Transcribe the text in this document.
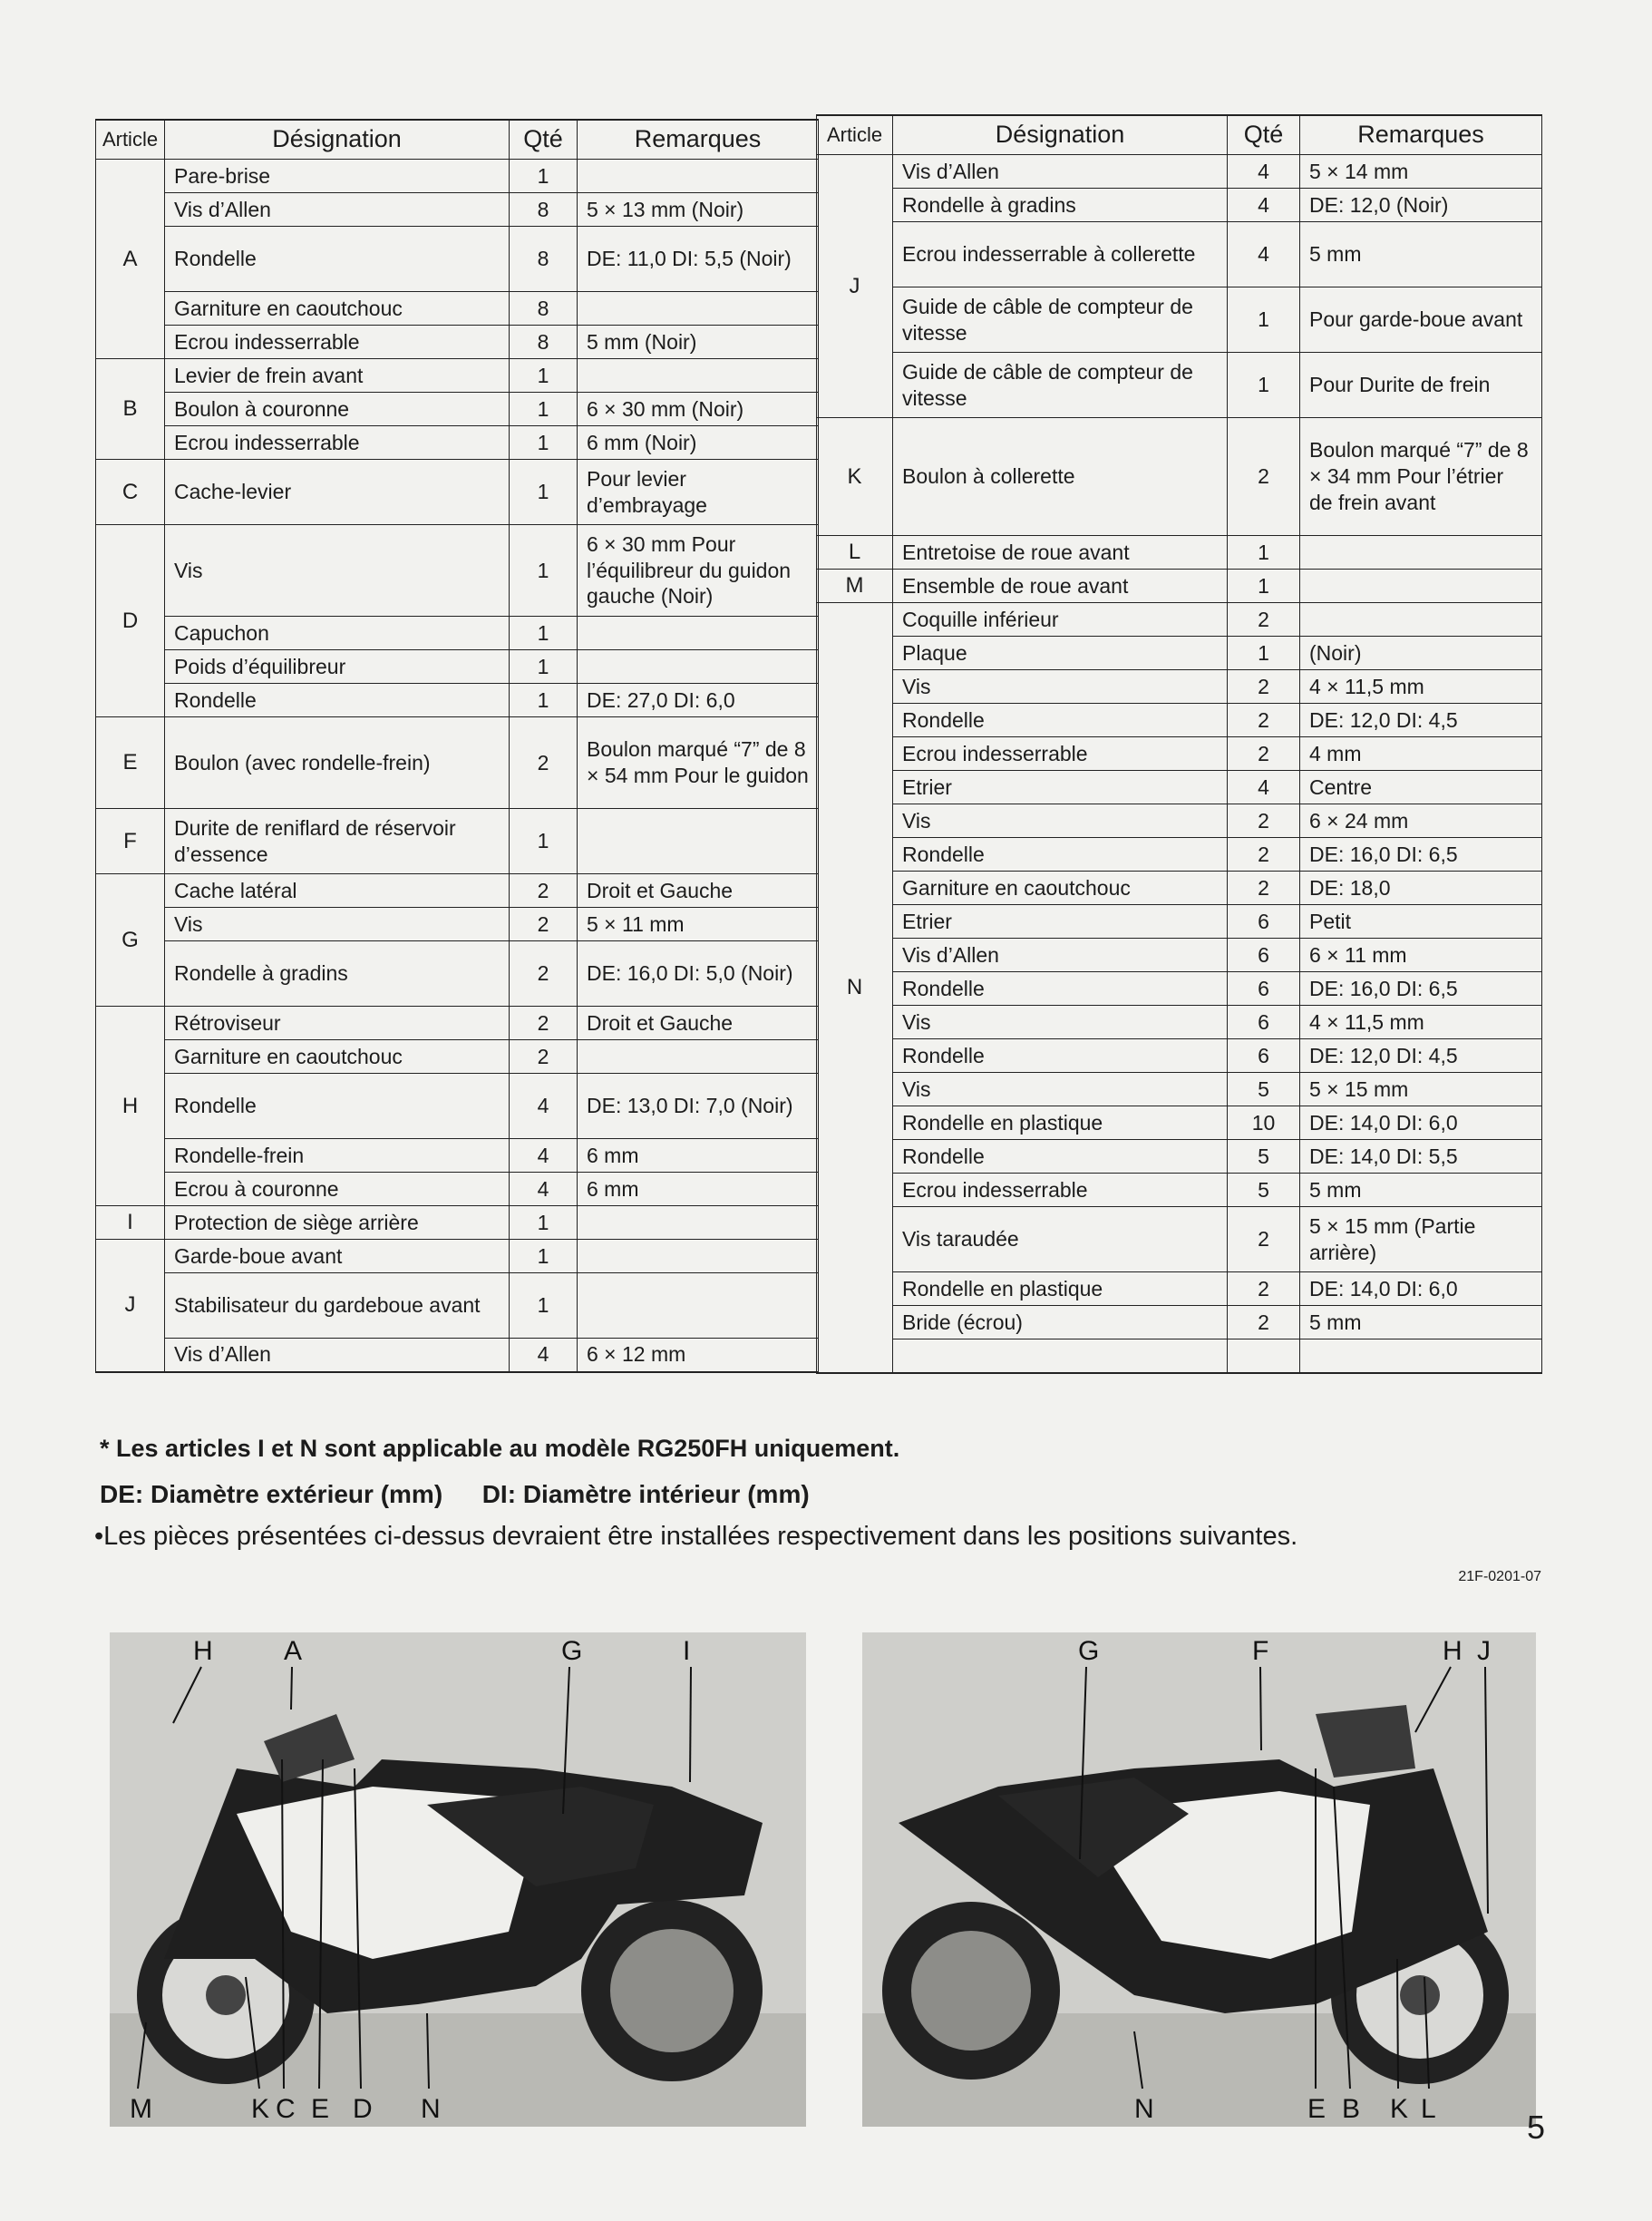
Article	Désignation	Qté	Remarques
A	Pare-brise	1	
	Vis d’Allen	8	5 × 13 mm (Noir)
	Rondelle	8	DE: 11,0 DI: 5,5 (Noir)
	Garniture en caoutchouc	8	
	Ecrou indesserrable	8	5 mm (Noir)
B	Levier de frein avant	1	
	Boulon à couronne	1	6 × 30 mm (Noir)
	Ecrou indesserrable	1	6 mm (Noir)
C	Cache-levier	1	Pour levier d’embrayage
D	Vis	1	6 × 30 mm Pour l’équilibreur du guidon gauche (Noir)
	Capuchon	1	
	Poids d’équilibreur	1	
	Rondelle	1	DE: 27,0 DI: 6,0
E	Boulon (avec rondelle-frein)	2	Boulon marqué “7” de 8 × 54 mm Pour le guidon
F	Durite de reniflard de réservoir d’essence	1	
G	Cache latéral	2	Droit et Gauche
	Vis	2	5 × 11 mm
	Rondelle à gradins	2	DE: 16,0 DI: 5,0 (Noir)
H	Rétroviseur	2	Droit et Gauche
	Garniture en caoutchouc	2	
	Rondelle	4	DE: 13,0 DI: 7,0 (Noir)
	Rondelle-frein	4	6 mm
	Ecrou à couronne	4	6 mm
I	Protection de siège arrière	1	
J	Garde-boue avant	1	
	Stabilisateur du gardeboue avant	1	
	Vis d’Allen	4	6 × 12 mm
Article	Désignation	Qté	Remarques
J	Vis d’Allen	4	5 × 14 mm
	Rondelle à gradins	4	DE: 12,0 (Noir)
	Ecrou indesserrable à collerette	4	5 mm
	Guide de câble de compteur de vitesse	1	Pour garde-boue avant
	Guide de câble de compteur de vitesse	1	Pour Durite de frein
K	Boulon à collerette	2	Boulon marqué “7” de 8 × 34 mm Pour l’étrier de frein avant
L	Entretoise de roue avant	1	
M	Ensemble de roue avant	1	
N	Coquille inférieur	2	
	Plaque	1	(Noir)
	Vis	2	4 × 11,5 mm
	Rondelle	2	DE: 12,0 DI: 4,5
	Ecrou indesserrable	2	4 mm
	Etrier	4	Centre
	Vis	2	6 × 24 mm
	Rondelle	2	DE: 16,0 DI: 6,5
	Garniture en caoutchouc	2	DE: 18,0
	Etrier	6	Petit
	Vis d’Allen	6	6 × 11 mm
	Rondelle	6	DE: 16,0 DI: 6,5
	Vis	6	4 × 11,5 mm
	Rondelle	6	DE: 12,0 DI: 4,5
	Vis	5	5 × 15 mm
	Rondelle en plastique	10	DE: 14,0 DI: 6,0
	Rondelle	5	DE: 14,0 DI: 5,5
	Ecrou indesserrable	5	5 mm
	Vis taraudée	2	5 × 15 mm (Partie arrière)
	Rondelle en plastique	2	DE: 14,0 DI: 6,0
	Bride (écrou)	2	5 mm

* Les articles I et N sont applicable au modèle RG250FH uniquement.

DE: Diamètre extérieur (mm) DI: Diamètre intérieur (mm)

•Les pièces présentées ci-dessus devraient être installées respectivement dans les positions suivantes.

21F-0201-07

H	A	G	I
M	K C E D N
G	F	H J
N	E B K L	5
